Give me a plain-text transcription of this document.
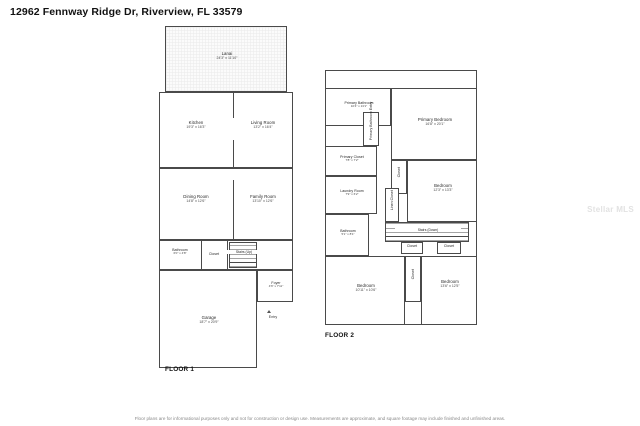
12962 Fennway Ridge Dr, Riverview, FL 33579
Stellar MLS
Lanai
24'3" x 11'10"
Kitchen
19'3" x 16'3"
Living Room
13'2" x 16'4"
Dining Room
14'8" x 12'6"
Family Room
13'10" x 12'6"
Bathroom
6'0" x 4'8"	Closet	Stairs (Up)
Foyer
4'6" x 7'11"
Garage
18'7" x 20'9"
Entry
FLOOR 1
Primary Bathroom
10'4" x 13'1"
Primary Bedroom
16'8" x 20'1"
Primary Bathroom Entry
Primary Closet
7'8" x 7'2"
Laundry Room
7'9" x 6'2"
Closet
Linen Closet
Bedroom
12'3" x 13'3"
Bathroom
5'1" x 8'1"
Stairs (Down)
Closet	Closet
Bedroom
10'11" x 10'6"
Bedroom
13'6" x 12'5"
Closet
FLOOR 2
Floor plans are for informational purposes only and not for construction or design use. Measurements are approximate, and square footage may include finished and unfinished areas.
